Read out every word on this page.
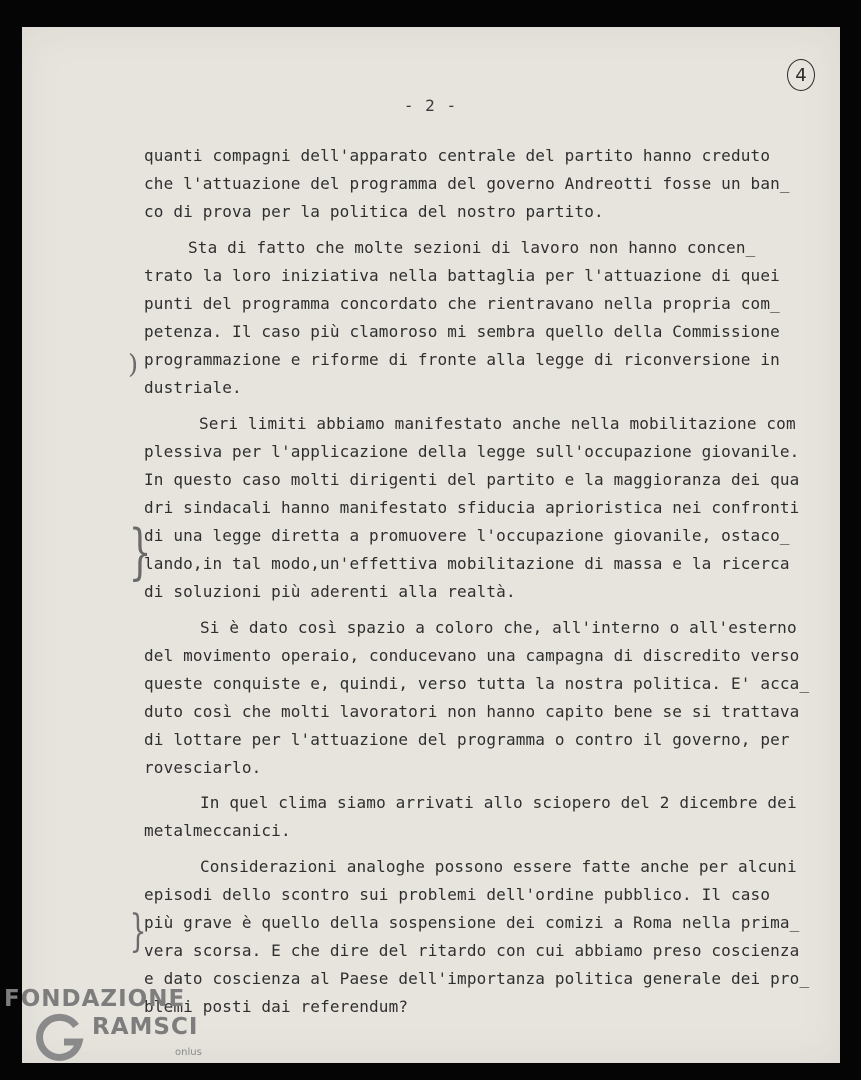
4
- 2 -
quanti compagni dell'apparato centrale del partito hanno creduto
che l'attuazione del programma del governo Andreotti fosse un ban_
co di prova per la politica del nostro partito.
Sta di fatto che molte sezioni di lavoro non hanno concen_
trato la loro iniziativa nella battaglia per l'attuazione di quei
punti del programma concordato che rientravano nella propria com_
petenza. Il caso più clamoroso mi sembra quello della Commissione
programmazione e riforme di fronte alla legge di riconversione in
dustriale.
Seri limiti abbiamo manifestato anche nella mobilitazione com
plessiva per l'applicazione della legge sull'occupazione giovanile.
In questo caso molti dirigenti del partito e la maggioranza dei qua
dri sindacali hanno manifestato sfiducia aprioristica nei confronti
di una legge diretta a promuovere l'occupazione giovanile, ostaco_
lando,in tal modo,un'effettiva mobilitazione di massa e la ricerca
di soluzioni più aderenti alla realtà.
Si è dato così spazio a coloro che, all'interno o all'esterno
del movimento operaio, conducevano una campagna di discredito verso
queste conquiste e, quindi, verso tutta la nostra politica. E' acca_
duto così che molti lavoratori non hanno capito bene se si trattava
di lottare per l'attuazione del programma o contro il governo, per
rovesciarlo.
In quel clima siamo arrivati allo sciopero del 2 dicembre dei
metalmeccanici.
Considerazioni analoghe possono essere fatte anche per alcuni
episodi dello scontro sui problemi dell'ordine pubblico. Il caso
più grave è quello della sospensione dei comizi a Roma nella prima_
vera scorsa. E che dire del ritardo con cui abbiamo preso coscienza
e dato coscienza al Paese dell'importanza politica generale dei pro_
blemi posti dai referendum?
)
}
}
FONDAZIONE
RAMSCI
onlus
